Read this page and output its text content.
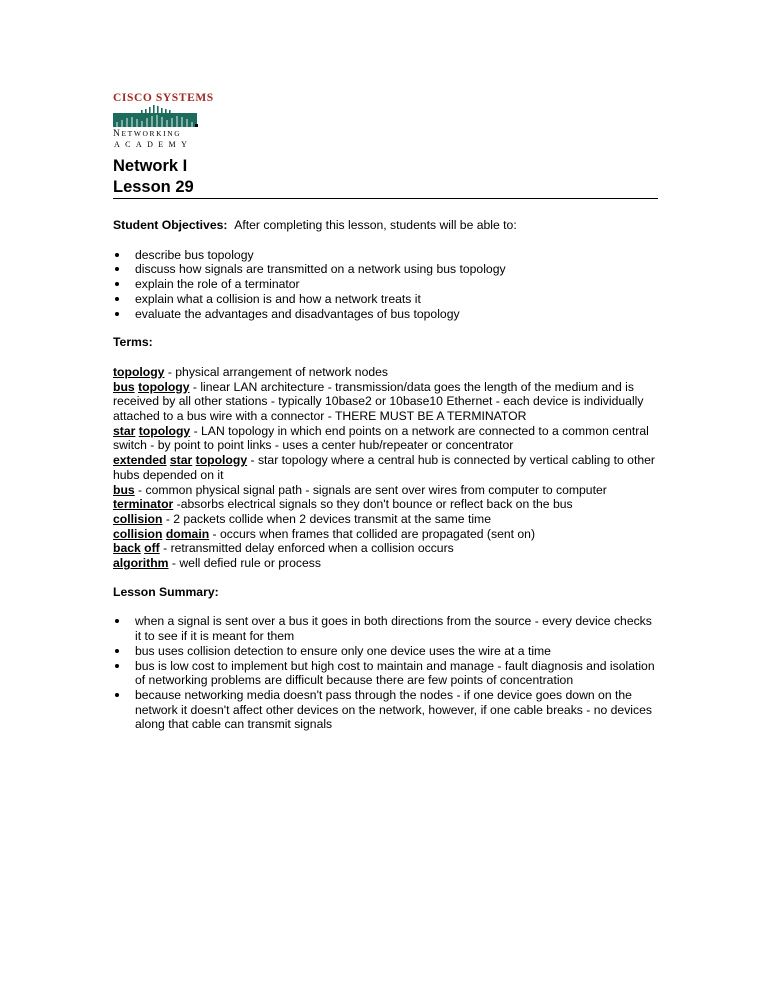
CISCO SYSTEMS
NETWORKING
ACADEMY
Network I
Lesson 29

Student Objectives: After completing this lesson, students will be able to:

describe bus topology
discuss how signals are transmitted on a network using bus topology
explain the role of a terminator
explain what a collision is and how a network treats it
evaluate the advantages and disadvantages of bus topology

Terms:

topology - physical arrangement of network nodes

bus topology - linear LAN architecture - transmission/data goes the length of the medium and is received by all other stations - typically 10base2 or 10base10 Ethernet - each device is individually attached to a bus wire with a connector - THERE MUST BE A TERMINATOR

star topology - LAN topology in which end points on a network are connected to a common central switch - by point to point links - uses a center hub/repeater or concentrator

extended star topology - star topology where a central hub is connected by vertical cabling to other hubs depended on it

bus - common physical signal path - signals are sent over wires from computer to computer

terminator -absorbs electrical signals so they don't bounce or reflect back on the bus

collision - 2 packets collide when 2 devices transmit at the same time

collision domain - occurs when frames that collided are propagated (sent on)

back off - retransmitted delay enforced when a collision occurs

algorithm - well defied rule or process

Lesson Summary:

when a signal is sent over a bus it goes in both directions from the source - every device checks it to see if it is meant for them
bus uses collision detection to ensure only one device uses the wire at a time
bus is low cost to implement but high cost to maintain and manage - fault diagnosis and isolation of networking problems are difficult because there are few points of concentration
because networking media doesn't pass through the nodes - if one device goes down on the network it doesn't affect other devices on the network, however, if one cable breaks - no devices along that cable can transmit signals
